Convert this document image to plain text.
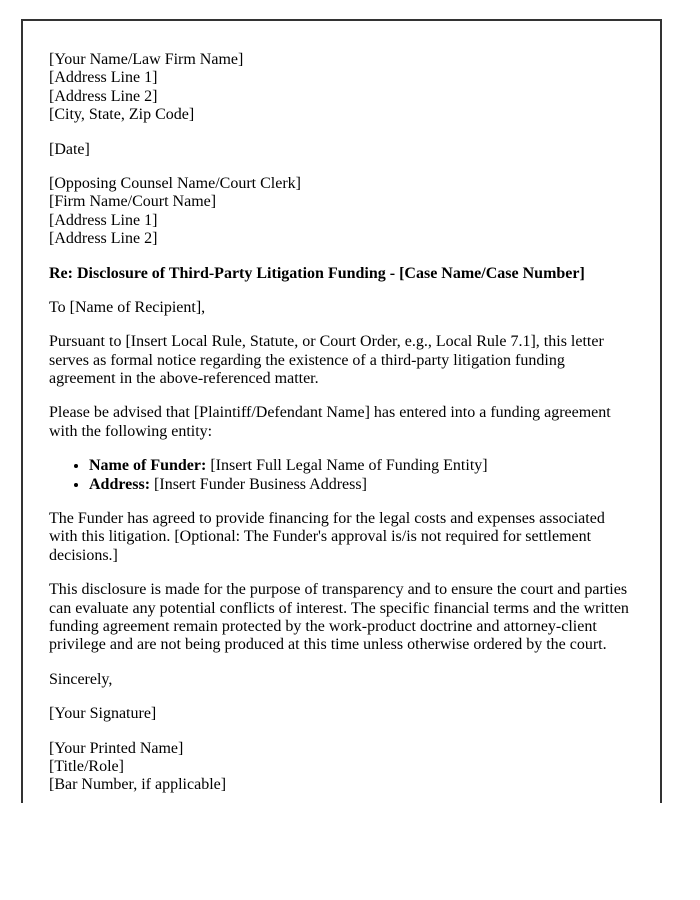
[Your Name/Law Firm Name]
[Address Line 1]
[Address Line 2]
[City, State, Zip Code]

[Date]

[Opposing Counsel Name/Court Clerk]
[Firm Name/Court Name]
[Address Line 1]
[Address Line 2]

Re: Disclosure of Third-Party Litigation Funding - [Case Name/Case Number]

To [Name of Recipient],

Pursuant to [Insert Local Rule, Statute, or Court Order, e.g., Local Rule 7.1], this letter serves as formal notice regarding the existence of a third-party litigation funding agreement in the above-referenced matter.

Please be advised that [Plaintiff/Defendant Name] has entered into a funding agreement with the following entity:

• Name of Funder: [Insert Full Legal Name of Funding Entity]
• Address: [Insert Funder Business Address]

The Funder has agreed to provide financing for the legal costs and expenses associated with this litigation. [Optional: The Funder's approval is/is not required for settlement decisions.]

This disclosure is made for the purpose of transparency and to ensure the court and parties can evaluate any potential conflicts of interest. The specific financial terms and the written funding agreement remain protected by the work-product doctrine and attorney-client privilege and are not being produced at this time unless otherwise ordered by the court.

Sincerely,

[Your Signature]

[Your Printed Name]
[Title/Role]
[Bar Number, if applicable]
